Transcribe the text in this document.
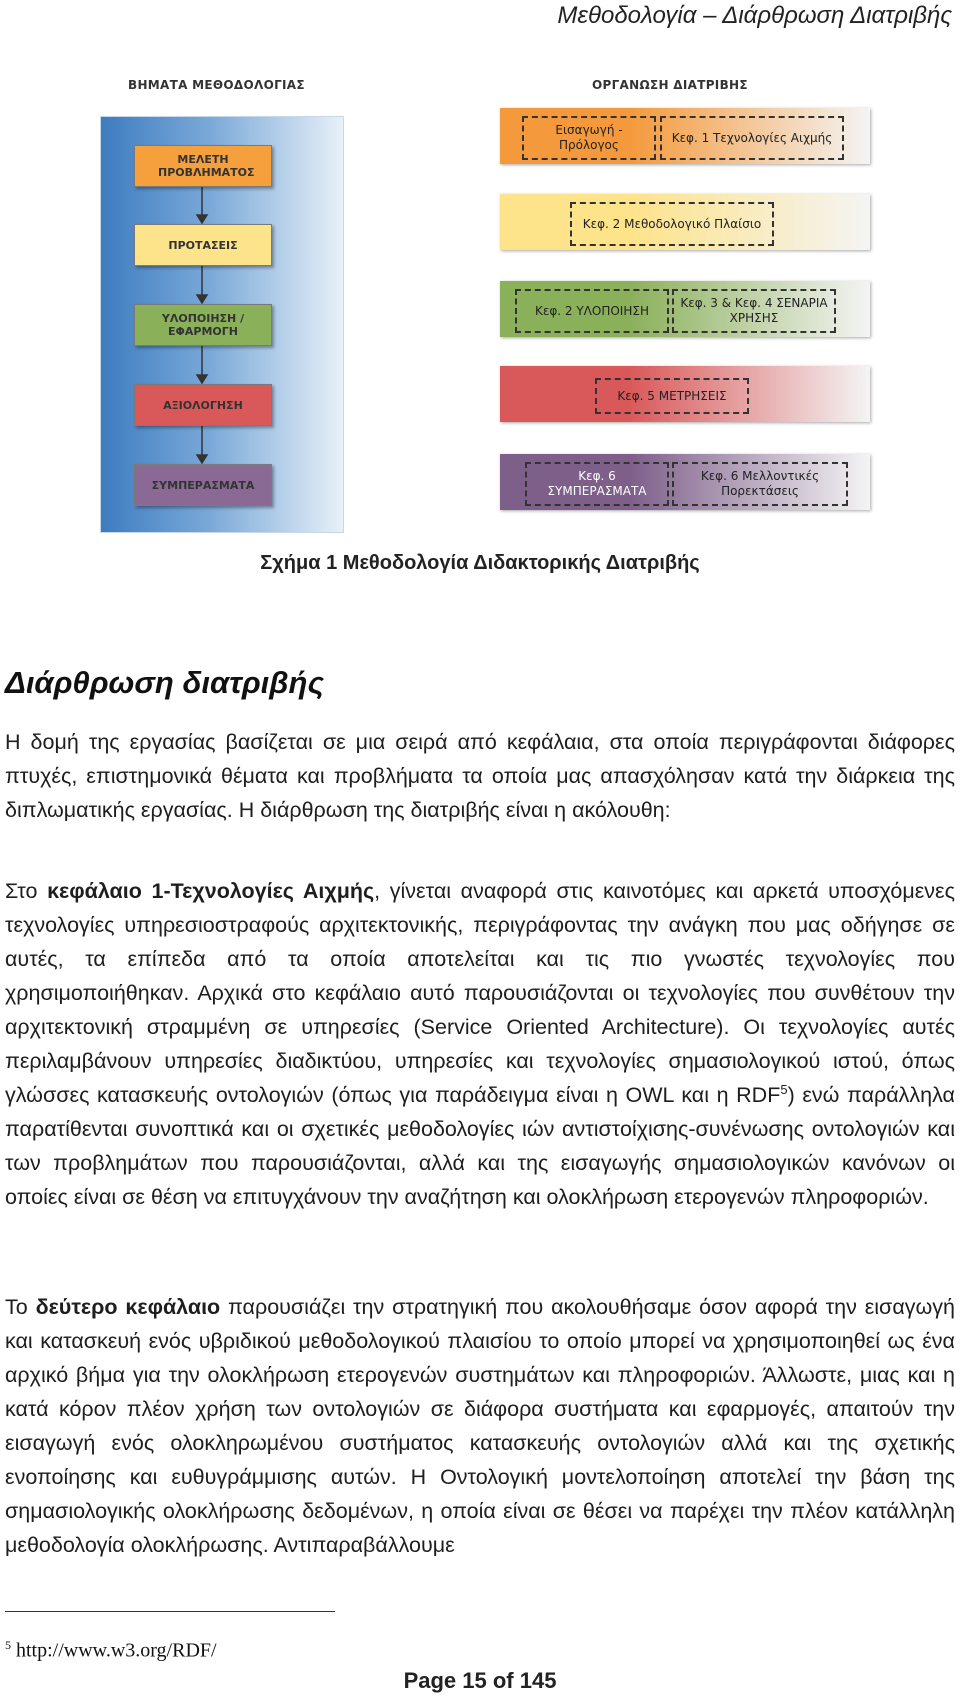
Μεθοδολογία – Διάρθρωση Διατριβής
ΒΗΜΑΤΑ ΜΕΘΟΔΟΛΟΓΙΑΣ	ΟΡΓΑΝΩΣΗ ΔΙΑΤΡΙΒΗΣ
ΜΕΛΕΤΗ ΠΡΟΒΛΗΜΑΤΟΣ
ΠΡΟΤΑΣΕΙΣ
ΥΛΟΠΟΙΗΣΗ /ΕΦΑΡΜΟΓΗ
ΑΞΙΟΛΟΓΗΣΗ
ΣΥΜΠΕΡΑΣΜΑΤΑ
Εισαγωγή - Πρόλογος
Κεφ. 1 Τεχνολογίες Αιχμής
Κεφ. 2 Μεθοδολογικό Πλαίσιο
Κεφ. 2 ΥΛΟΠΟΙΗΣΗ
Κεφ. 3 & Κεφ. 4 ΣΕΝΑΡΙΑ ΧΡΗΣΗΣ
Κεφ. 5 ΜΕΤΡΗΣΕΙΣ
Κεφ. 6 ΣΥΜΠΕΡΑΣΜΑΤΑ
Κεφ. 6 Μελλοντικές Πορεκτάσεις
Σχήμα 1 Μεθοδολογία Διδακτορικής Διατριβής
Διάρθρωση διατριβής
Η δομή της εργασίας βασίζεται σε μια σειρά από κεφάλαια, στα οποία περιγράφονται διάφορες πτυχές, επιστημονικά θέματα και προβλήματα τα οποία μας απασχόλησαν κατά την διάρκεια της διπλωματικής εργασίας. Η διάρθρωση της διατριβής είναι η ακόλουθη:
Στο κεφάλαιο 1-Τεχνολογίες Αιχμής, γίνεται αναφορά στις καινοτόμες και αρκετά υποσχόμενες τεχνολογίες υπηρεσιοστραφούς αρχιτεκτονικής, περιγράφοντας την ανάγκη που μας οδήγησε σε αυτές, τα επίπεδα από τα οποία αποτελείται και τις πιο γνωστές τεχνολογίες που χρησιμοποιήθηκαν. Αρχικά στο κεφάλαιο αυτό παρουσιάζονται οι τεχνολογίες που συνθέτουν την αρχιτεκτονική στραμμένη σε υπηρεσίες (Service Oriented Architecture). Οι τεχνολογίες αυτές περιλαμβάνουν υπηρεσίες διαδικτύου, υπηρεσίες και τεχνολογίες σημασιολογικού ιστού, όπως γλώσσες κατασκευής οντολογιών (όπως για παράδειγμα είναι η OWL και η RDF$^5$) ενώ παράλληλα παρατίθενται συνοπτικά και οι σχετικές μεθοδολογίες ιών αντιστοίχισης-συνένωσης οντολογιών και των προβλημάτων που παρουσιάζονται, αλλά και της εισαγωγής σημασιολογικών κανόνων οι οποίες είναι σε θέση να επιτυγχάνουν την αναζήτηση και ολοκλήρωση ετερογενών πληροφοριών.
Το δεύτερο κεφάλαιο παρουσιάζει την στρατηγική που ακολουθήσαμε όσον αφορά την εισαγωγή και κατασκευή ενός υβριδικού μεθοδολογικού πλαισίου το οποίο μπορεί να χρησιμοποιηθεί ως ένα αρχικό βήμα για την ολοκλήρωση ετερογενών συστημάτων και πληροφοριών. Άλλωστε, μιας και η κατά κόρον πλέον χρήση των οντολογιών σε διάφορα συστήματα και εφαρμογές, απαιτούν την εισαγωγή ενός ολοκληρωμένου συστήματος κατασκευής οντολογιών αλλά και της σχετικής ενοποίησης και ευθυγράμμισης αυτών. Η Οντολογική μοντελοποίηση αποτελεί την βάση της σημασιολογικής ολοκλήρωσης δεδομένων, η οποία είναι σε θέσει να παρέχει την πλέον κατάλληλη μεθοδολογία ολοκλήρωσης. Αντιπαραβάλλουμε
$^5$ http://www.w3.org/RDF/
Page 15 of 145
